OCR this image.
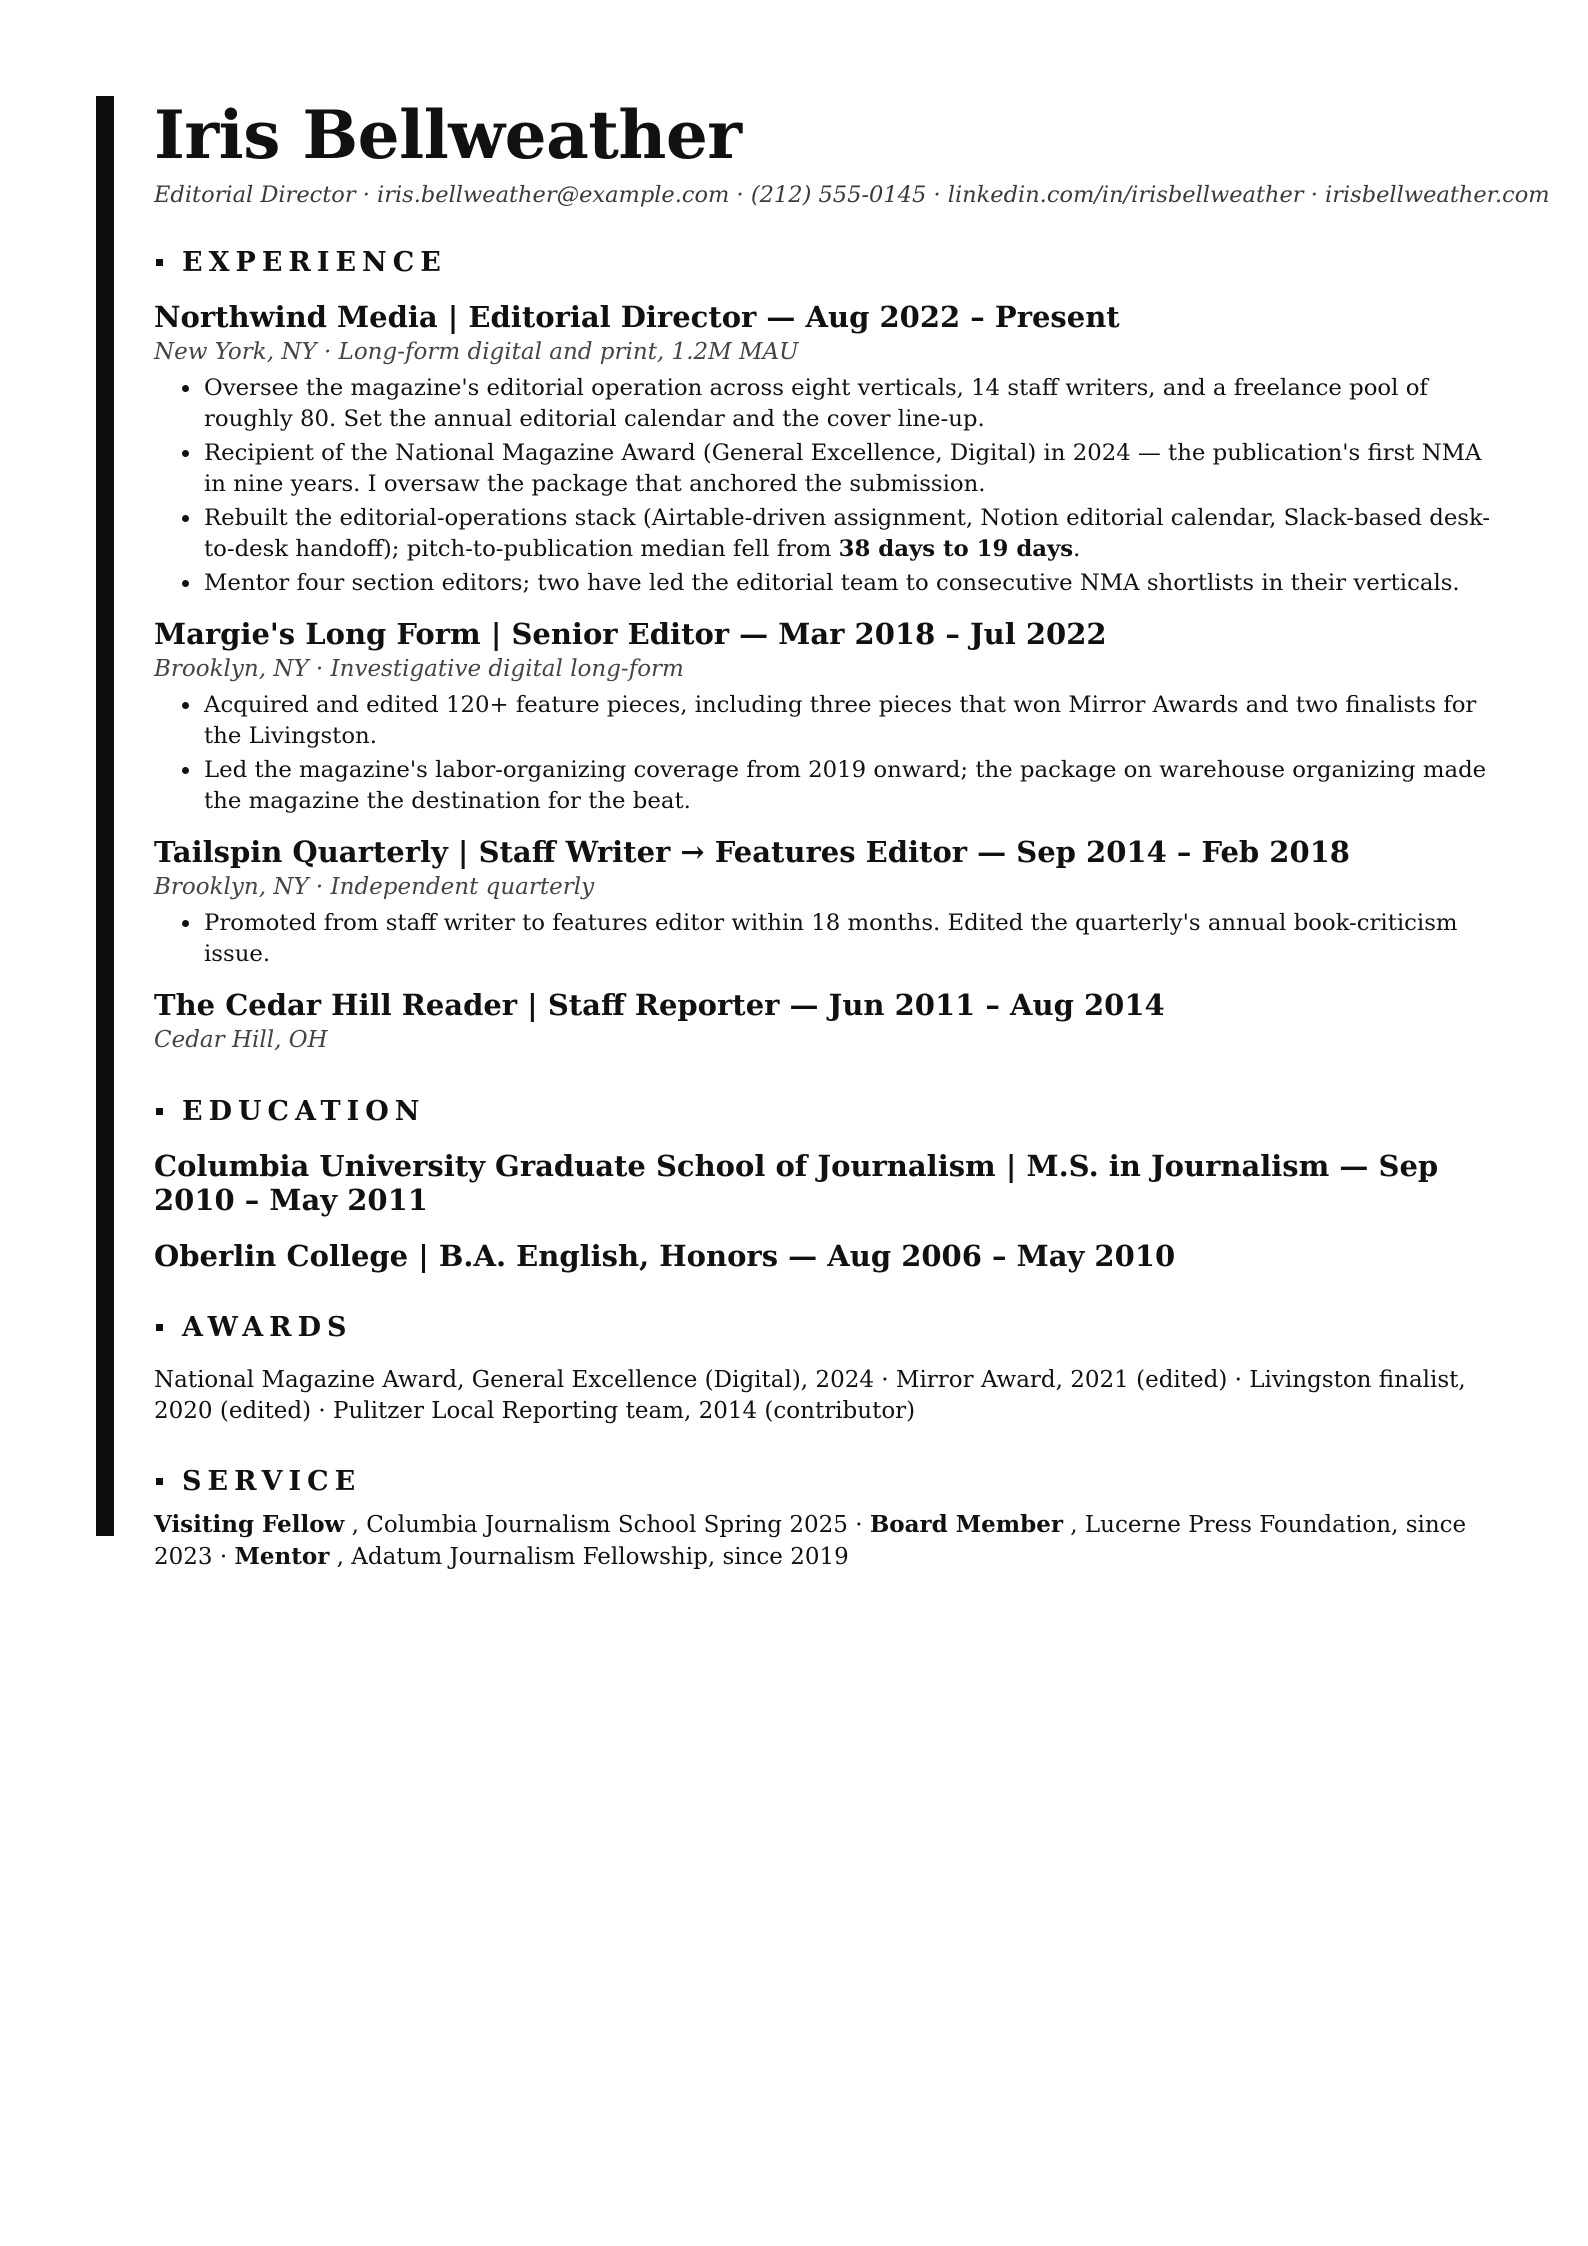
Iris Bellweather
Editorial Director · iris.bellweather@example.com · (212) 555-0145 · linkedin.com/in/irisbellweather · irisbellweather.com
EXPERIENCE
Northwind Media | Editorial Director — Aug 2022 – Present
New York, NY · Long-form digital and print, 1.2M MAU
• Oversee the magazine's editorial operation across eight verticals, 14 staff writers, and a freelance pool of roughly 80. Set the annual editorial calendar and the cover line-up.
• Recipient of the National Magazine Award (General Excellence, Digital) in 2024 — the publication's first NMA in nine years. I oversaw the package that anchored the submission.
• Rebuilt the editorial-operations stack (Airtable-driven assignment, Notion editorial calendar, Slack-based desk-to-desk handoff); pitch-to-publication median fell from 38 days to 19 days.
• Mentor four section editors; two have led the editorial team to consecutive NMA shortlists in their verticals.
Margie's Long Form | Senior Editor — Mar 2018 – Jul 2022
Brooklyn, NY · Investigative digital long-form
• Acquired and edited 120+ feature pieces, including three pieces that won Mirror Awards and two finalists for the Livingston.
• Led the magazine's labor-organizing coverage from 2019 onward; the package on warehouse organizing made the magazine the destination for the beat.
Tailspin Quarterly | Staff Writer → Features Editor — Sep 2014 – Feb 2018
Brooklyn, NY · Independent quarterly
• Promoted from staff writer to features editor within 18 months. Edited the quarterly's annual book-criticism issue.
The Cedar Hill Reader | Staff Reporter — Jun 2011 – Aug 2014
Cedar Hill, OH
EDUCATION
Columbia University Graduate School of Journalism | M.S. in Journalism — Sep 2010 – May 2011
Oberlin College | B.A. English, Honors — Aug 2006 – May 2010
AWARDS
National Magazine Award, General Excellence (Digital), 2024 · Mirror Award, 2021 (edited) · Livingston finalist, 2020 (edited) · Pulitzer Local Reporting team, 2014 (contributor)
SERVICE
Visiting Fellow , Columbia Journalism School Spring 2025 · Board Member , Lucerne Press Foundation, since 2023 · Mentor , Adatum Journalism Fellowship, since 2019
